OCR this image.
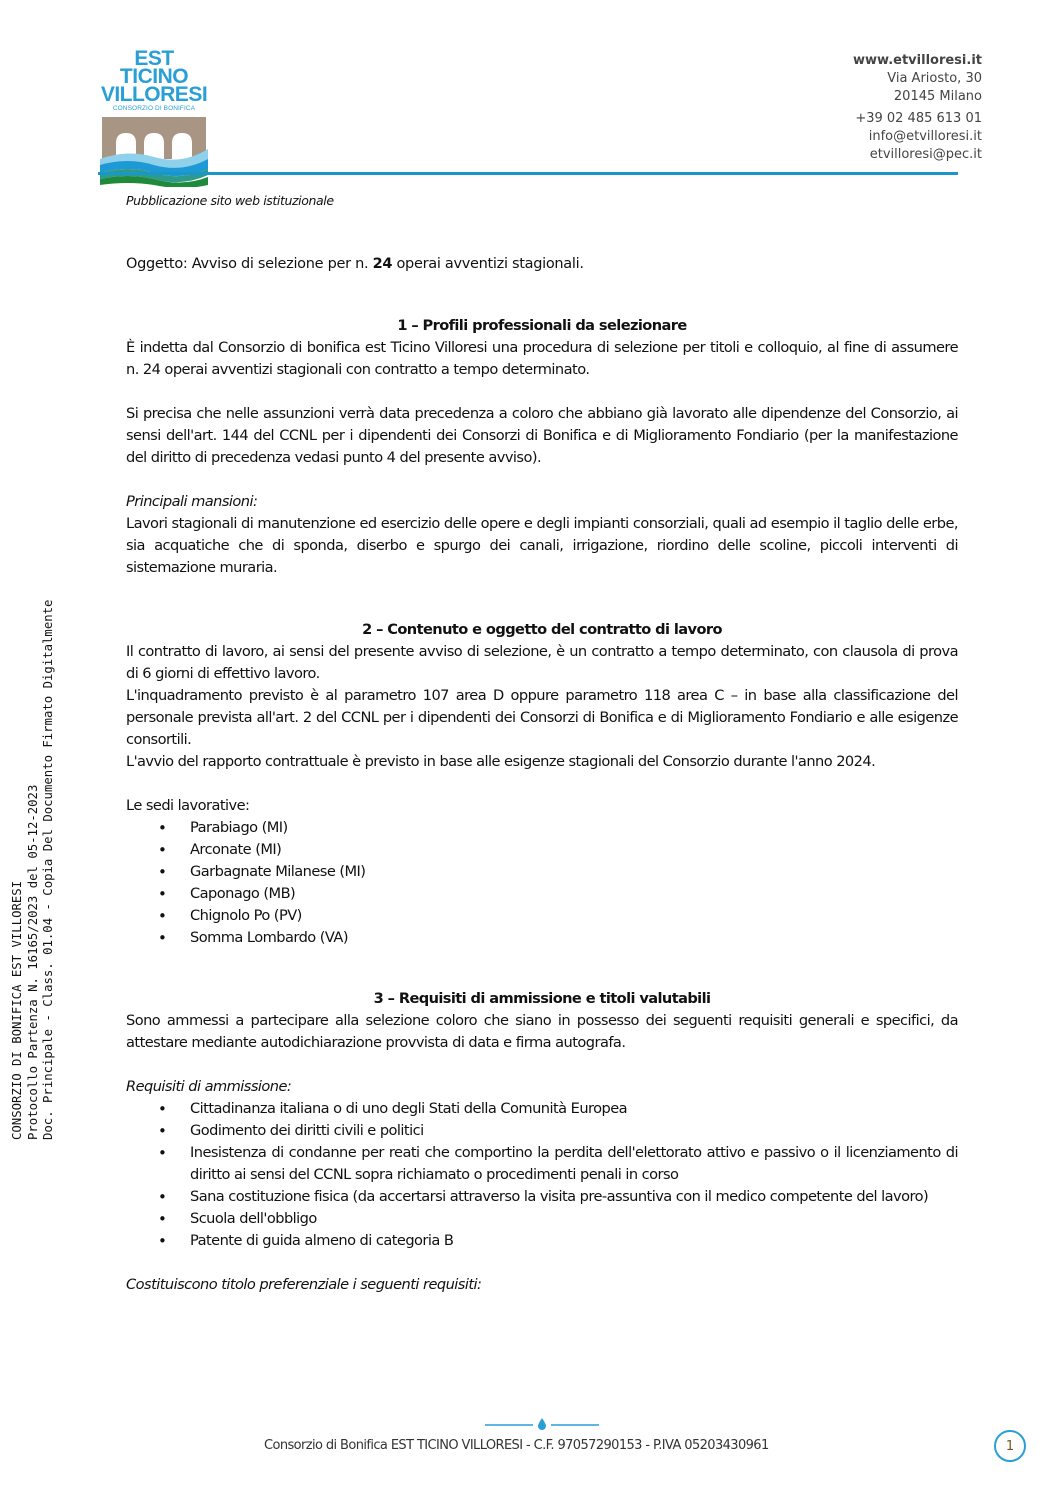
EST TICINO
VILLORESI
CONSORZIO DI BONIFICA
www.etvilloresi.it
Via Ariosto, 30
20145 Milano
+39 02 485 613 01
info@etvilloresi.it
etvilloresi@pec.it
Pubblicazione sito web istituzionale
Oggetto: Avviso di selezione per n. 24 operai avventizi stagionali.
1 – Profili professionali da selezionare
È indetta dal Consorzio di bonifica est Ticino Villoresi una procedura di selezione per titoli e colloquio, al fine di assumere n. 24 operai avventizi stagionali con contratto a tempo determinato.
Si precisa che nelle assunzioni verrà data precedenza a coloro che abbiano già lavorato alle dipendenze del Consorzio, ai sensi dell'art. 144 del CCNL per i dipendenti dei Consorzi di Bonifica e di Miglioramento Fondiario (per la manifestazione del diritto di precedenza vedasi punto 4 del presente avviso).
Principali mansioni:
Lavori stagionali di manutenzione ed esercizio delle opere e degli impianti consorziali, quali ad esempio il taglio delle erbe, sia acquatiche che di sponda, diserbo e spurgo dei canali, irrigazione, riordino delle scoline, piccoli interventi di sistemazione muraria.
2 – Contenuto e oggetto del contratto di lavoro
Il contratto di lavoro, ai sensi del presente avviso di selezione, è un contratto a tempo determinato, con clausola di prova di 6 giorni di effettivo lavoro.
L'inquadramento previsto è al parametro 107 area D oppure parametro 118 area C – in base alla classificazione del personale prevista all'art. 2 del CCNL per i dipendenti dei Consorzi di Bonifica e di Miglioramento Fondiario e alle esigenze consortili.
L'avvio del rapporto contrattuale è previsto in base alle esigenze stagionali del Consorzio durante l'anno 2024.
Le sedi lavorative:
• Parabiago (MI)
• Arconate (MI)
• Garbagnate Milanese (MI)
• Caponago (MB)
• Chignolo Po (PV)
• Somma Lombardo (VA)
3 – Requisiti di ammissione e titoli valutabili
Sono ammessi a partecipare alla selezione coloro che siano in possesso dei seguenti requisiti generali e specifici, da attestare mediante autodichiarazione provvista di data e firma autografa.
Requisiti di ammissione:
• Cittadinanza italiana o di uno degli Stati della Comunità Europea
• Godimento dei diritti civili e politici
• Inesistenza di condanne per reati che comportino la perdita dell'elettorato attivo e passivo o il licenziamento di diritto ai sensi del CCNL sopra richiamato o procedimenti penali in corso
• Sana costituzione fisica (da accertarsi attraverso la visita pre-assuntiva con il medico competente del lavoro)
• Scuola dell'obbligo
• Patente di guida almeno di categoria B
Costituiscono titolo preferenziale i seguenti requisiti:
CONSORZIO DI BONIFICA EST VILLORESI Protocollo Partenza N. 16165/2023 del 05-12-2023 Doc. Principale - Class. 01.04 - Copia Del Documento Firmato Digitalmente
Consorzio di Bonifica EST TICINO VILLORESI - C.F. 97057290153 - P.IVA 05203430961	1
